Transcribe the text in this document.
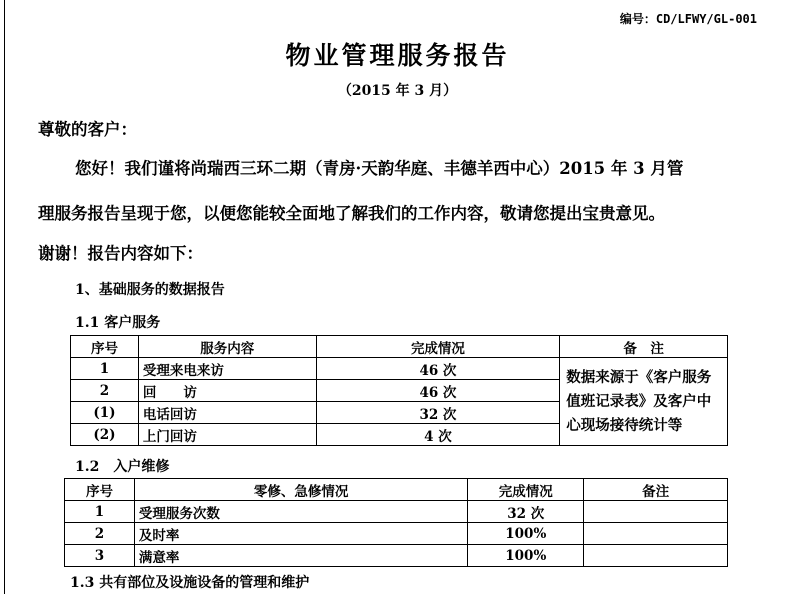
编号：CD/LFWY/GL-001
物业管理服务报告
（2015 年 3 月）
尊敬的客户：
您好！我们谨将尚瑞西三环二期（青房·天韵华庭、丰德羊西中心）2015 年 3 月管
理服务报告呈现于您，以便您能较全面地了解我们的工作内容，敬请您提出宝贵意见。
谢谢！报告内容如下：
1、基础服务的数据报告
1.1 客户服务
序号	服务内容	完成情况	备　注
1	受理来电来访	46 次	数据来源于《客户服务值班记录表》及客户中心现场接待统计等
2	回　　访	46 次	
(1)	电话回访	32 次	
(2)	上门回访	4 次	
1.2　入户维修
序号	零修、急修情况	完成情况	备注
1	受理服务次数	32 次	
2	及时率	100%	
3	满意率	100%	
1.3 共有部位及设施设备的管理和维护
